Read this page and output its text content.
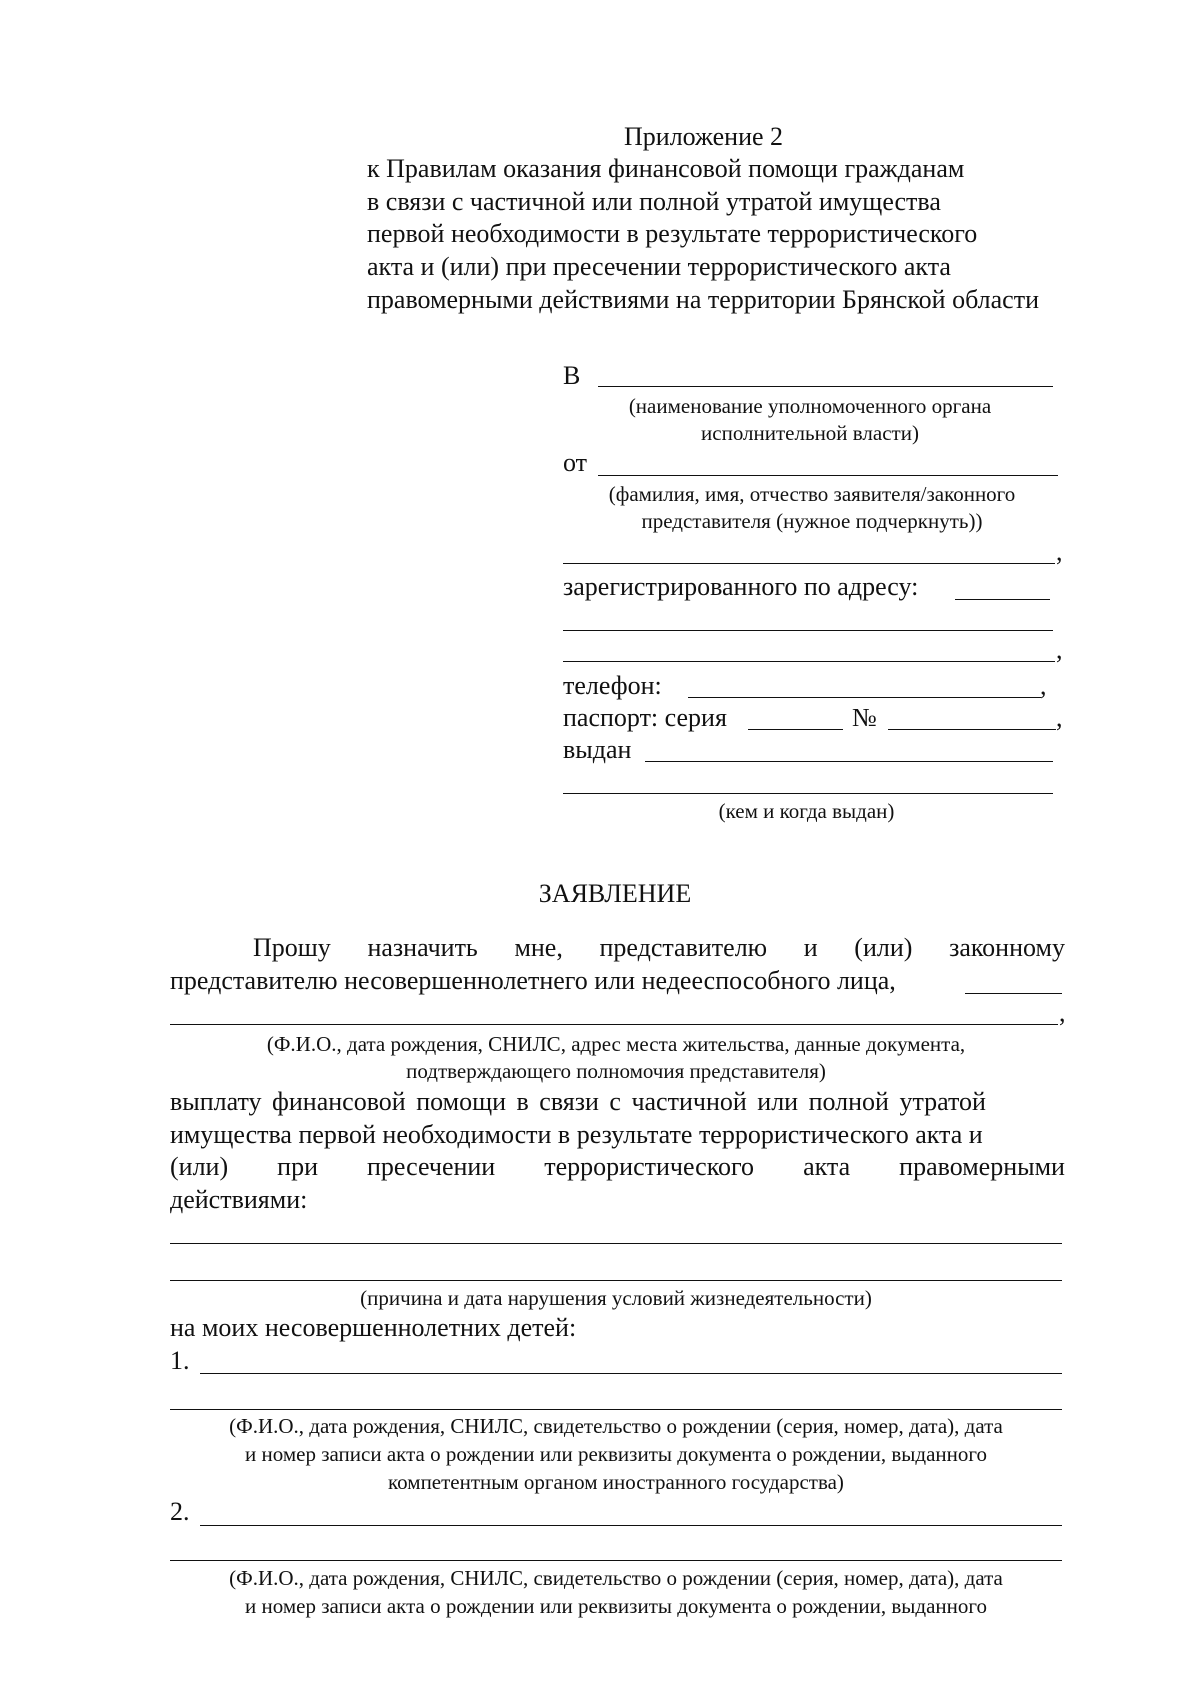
Приложение 2
к Правилам оказания финансовой помощи гражданам
в связи с частичной или полной утратой имущества
первой необходимости в результате террористического
акта и (или) при пресечении террористического акта
правомерными действиями на территории Брянской области
В
(наименование уполномоченного органа
исполнительной власти)
от
(фамилия, имя, отчество заявителя/законного
представителя (нужное подчеркнуть))
,
зарегистрированного по адресу:
,
телефон:	,
паспорт: серия	№	,
выдан
(кем и когда выдан)
ЗАЯВЛЕНИЕ
Прошу назначить мне, представителю и (или) законному
представителю несовершеннолетнего или недееспособного лица,
,
(Ф.И.О., дата рождения, СНИЛС, адрес места жительства, данные документа,
подтверждающего полномочия представителя)
выплату финансовой помощи в связи с частичной или полной утратой
имущества первой необходимости в результате террористического акта и
(или) при пресечении террористического акта правомерными
действиями:
(причина и дата нарушения условий жизнедеятельности)
на моих несовершеннолетних детей:
1.
(Ф.И.О., дата рождения, СНИЛС, свидетельство о рождении (серия, номер, дата), дата
и номер записи акта о рождении или реквизиты документа о рождении, выданного
компетентным органом иностранного государства)
2.
(Ф.И.О., дата рождения, СНИЛС, свидетельство о рождении (серия, номер, дата), дата
и номер записи акта о рождении или реквизиты документа о рождении, выданного
